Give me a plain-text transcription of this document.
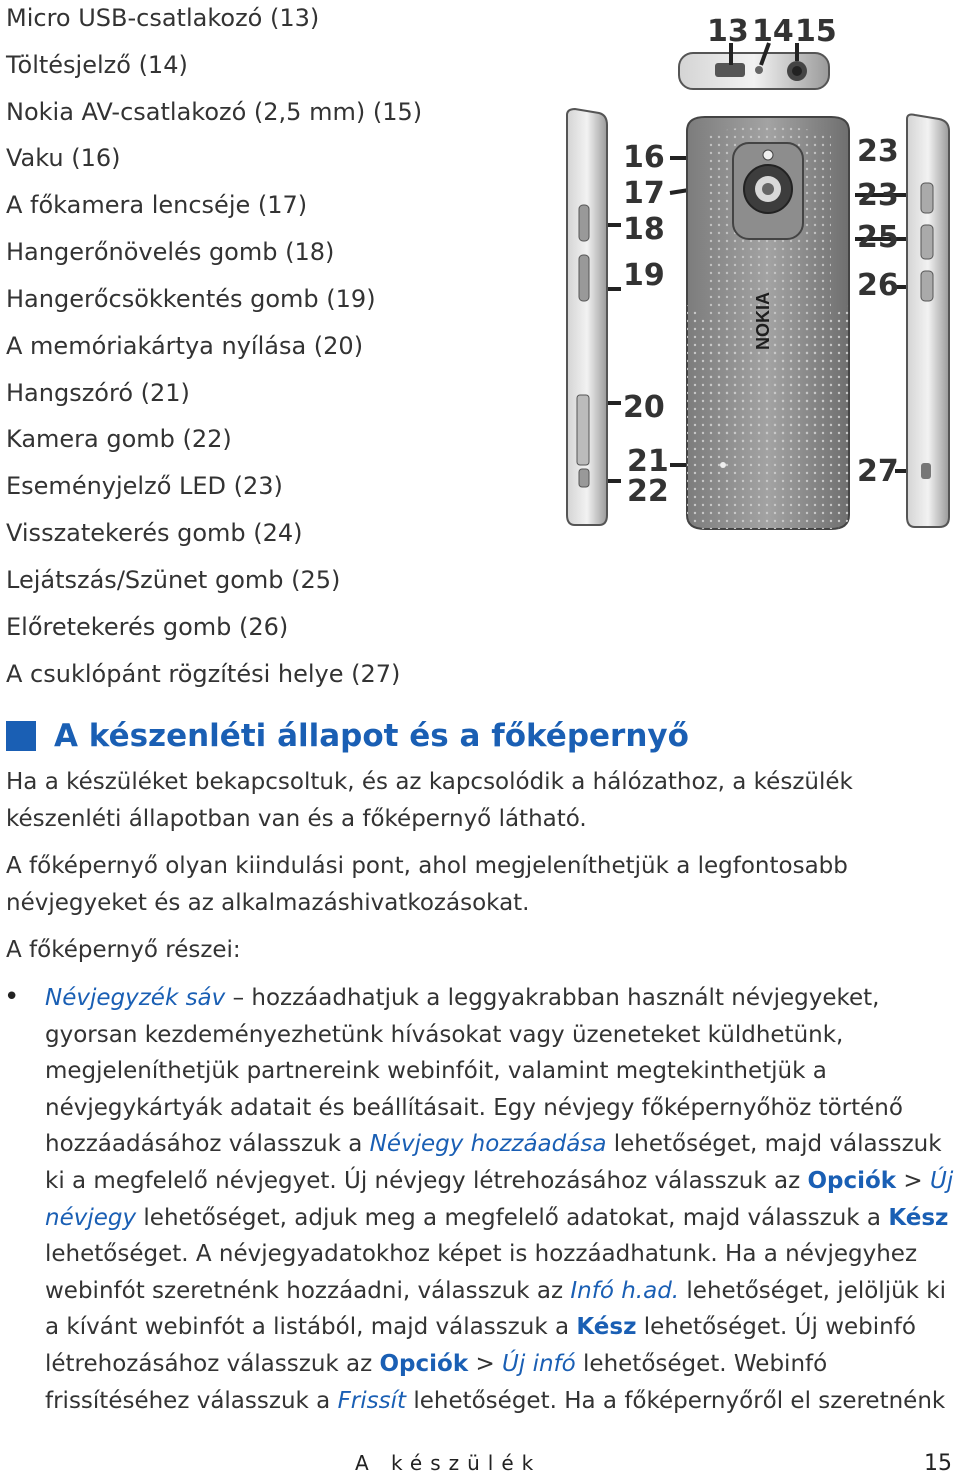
Micro USB-csatlakozó (13)
Töltésjelző (14)
Nokia AV-csatlakozó (2,5 mm) (15)
Vaku (16)
A főkamera lencséje (17)
Hangerőnövelés gomb (18)
Hangerőcsökkentés gomb (19)
A memóriakártya nyílása (20)
Hangszóró (21)
Kamera gomb (22)
Eseményjelző LED (23)
Visszatekerés gomb (24)
Lejátszás/Szünet gomb (25)
Előretekerés gomb (26)
A csuklópánt rögzítési helye (27)
NOKIA
13 14 15
16
17
18
19
20
21
22
23
23
25
26
27
A készenléti állapot és a főképernyő

Ha a készüléket bekapcsoltuk, és az kapcsolódik a hálózathoz, a készülék készenléti állapotban van és a főképernyő látható.

A főképernyő olyan kiindulási pont, ahol megjeleníthetjük a legfontosabb névjegyeket és az alkalmazáshivatkozásokat.

A főképernyő részei:

• Névjegyzék sáv – hozzáadhatjuk a leggyakrabban használt névjegyeket, gyorsan kezdeményezhetünk hívásokat vagy üzeneteket küldhetünk, megjeleníthetjük partnereink webinfóit, valamint megtekinthetjük a névjegykártyák adatait és beállításait. Egy névjegy főképernyőhöz történő hozzáadásához válasszuk a Névjegy hozzáadása lehetőséget, majd válasszuk ki a megfelelő névjegyet. Új névjegy létrehozásához válasszuk az Opciók > Új névjegy lehetőséget, adjuk meg a megfelelő adatokat, majd válasszuk a Kész lehetőséget. A névjegyadatokhoz képet is hozzáadhatunk. Ha a névjegyhez webinfót szeretnénk hozzáadni, válasszuk az Infó h.ad. lehetőséget, jelöljük ki a kívánt webinfót a listából, majd válasszuk a Kész lehetőséget. Új webinfó létrehozásához válasszuk az Opciók > Új infó lehetőséget. Webinfó frissítéséhez válasszuk a Frissít lehetőséget. Ha a főképernyőről el szeretnénk

A készülék	15
